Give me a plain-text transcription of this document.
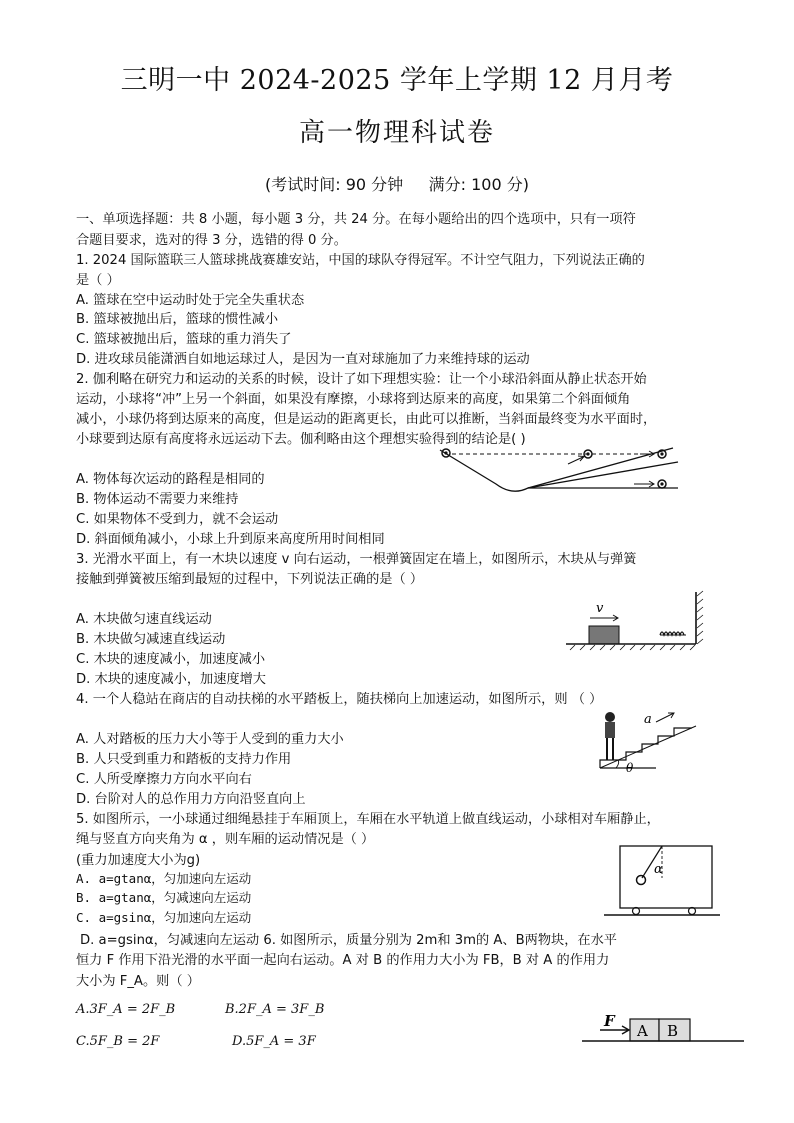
三明一中 2024-2025 学年上学期 12 月月考
高一物理科试卷
(考试时间: 90 分钟     满分: 100 分)
一、单项选择题：共 8 小题，每小题 3 分，共 24 分。在每小题给出的四个选项中，只有一项符
合题目要求，选对的得 3 分，选错的得 0 分。
1. 2024 国际篮联三人篮球挑战赛雄安站，中国的球队夺得冠军。不计空气阻力，下列说法正确的
是（ ）
A. 篮球在空中运动时处于完全失重状态
B. 篮球被抛出后，篮球的惯性减小
C. 篮球被抛出后，篮球的重力消失了
D. 进攻球员能潇洒自如地运球过人，是因为一直对球施加了力来维持球的运动
2. 伽利略在研究力和运动的关系的时候，设计了如下理想实验：让一个小球沿斜面从静止状态开始
运动，小球将“冲”上另一个斜面，如果没有摩擦，小球将到达原来的高度，如果第二个斜面倾角
减小，小球仍将到达原来的高度，但是运动的距离更长，由此可以推断，当斜面最终变为水平面时，
小球要到达原有高度将永远运动下去。伽利略由这个理想实验得到的结论是( )
A. 物体每次运动的路程是相同的
B. 物体运动不需要力来维持
C. 如果物体不受到力，就不会运动
D. 斜面倾角减小，小球上升到原来高度所用时间相同
3. 光滑水平面上，有一木块以速度 v 向右运动，一根弹簧固定在墙上，如图所示，木块从与弹簧
接触到弹簧被压缩到最短的过程中，下列说法正确的是（ ）
v
A. 木块做匀速直线运动
B. 木块做匀减速直线运动
C. 木块的速度减小，加速度减小
D. 木块的速度减小，加速度增大
4. 一个人稳站在商店的自动扶梯的水平踏板上，随扶梯向上加速运动，如图所示，则 （ ）
θ
a
A. 人对踏板的压力大小等于人受到的重力大小
B. 人只受到重力和踏板的支持力作用
C. 人所受摩擦力方向水平向右
D. 台阶对人的总作用力方向沿竖直向上
5. 如图所示，一小球通过细绳悬挂于车厢顶上，车厢在水平轨道上做直线运动，小球相对车厢静止，
绳与竖直方向夹角为 α ，则车厢的运动情况是（ ）
(重力加速度大小为g)
α
A. a=gtanα，匀加速向左运动
B. a=gtanα，匀减速向左运动
C. a=gsinα，匀加速向左运动
D. a=gsinα，匀减速向左运动 6. 如图所示，质量分别为 2m和 3m的 A、B两物块，在水平
恒力 F 作用下沿光滑的水平面一起向右运动。A 对 B 的作用力大小为 FB，B 对 A 的作用力
大小为 F_A。则（ ）
A.3F_A = 2F_B	B.2F_A = 3F_B
C.5F_B = 2F	D.5F_A = 3F
F
A B
